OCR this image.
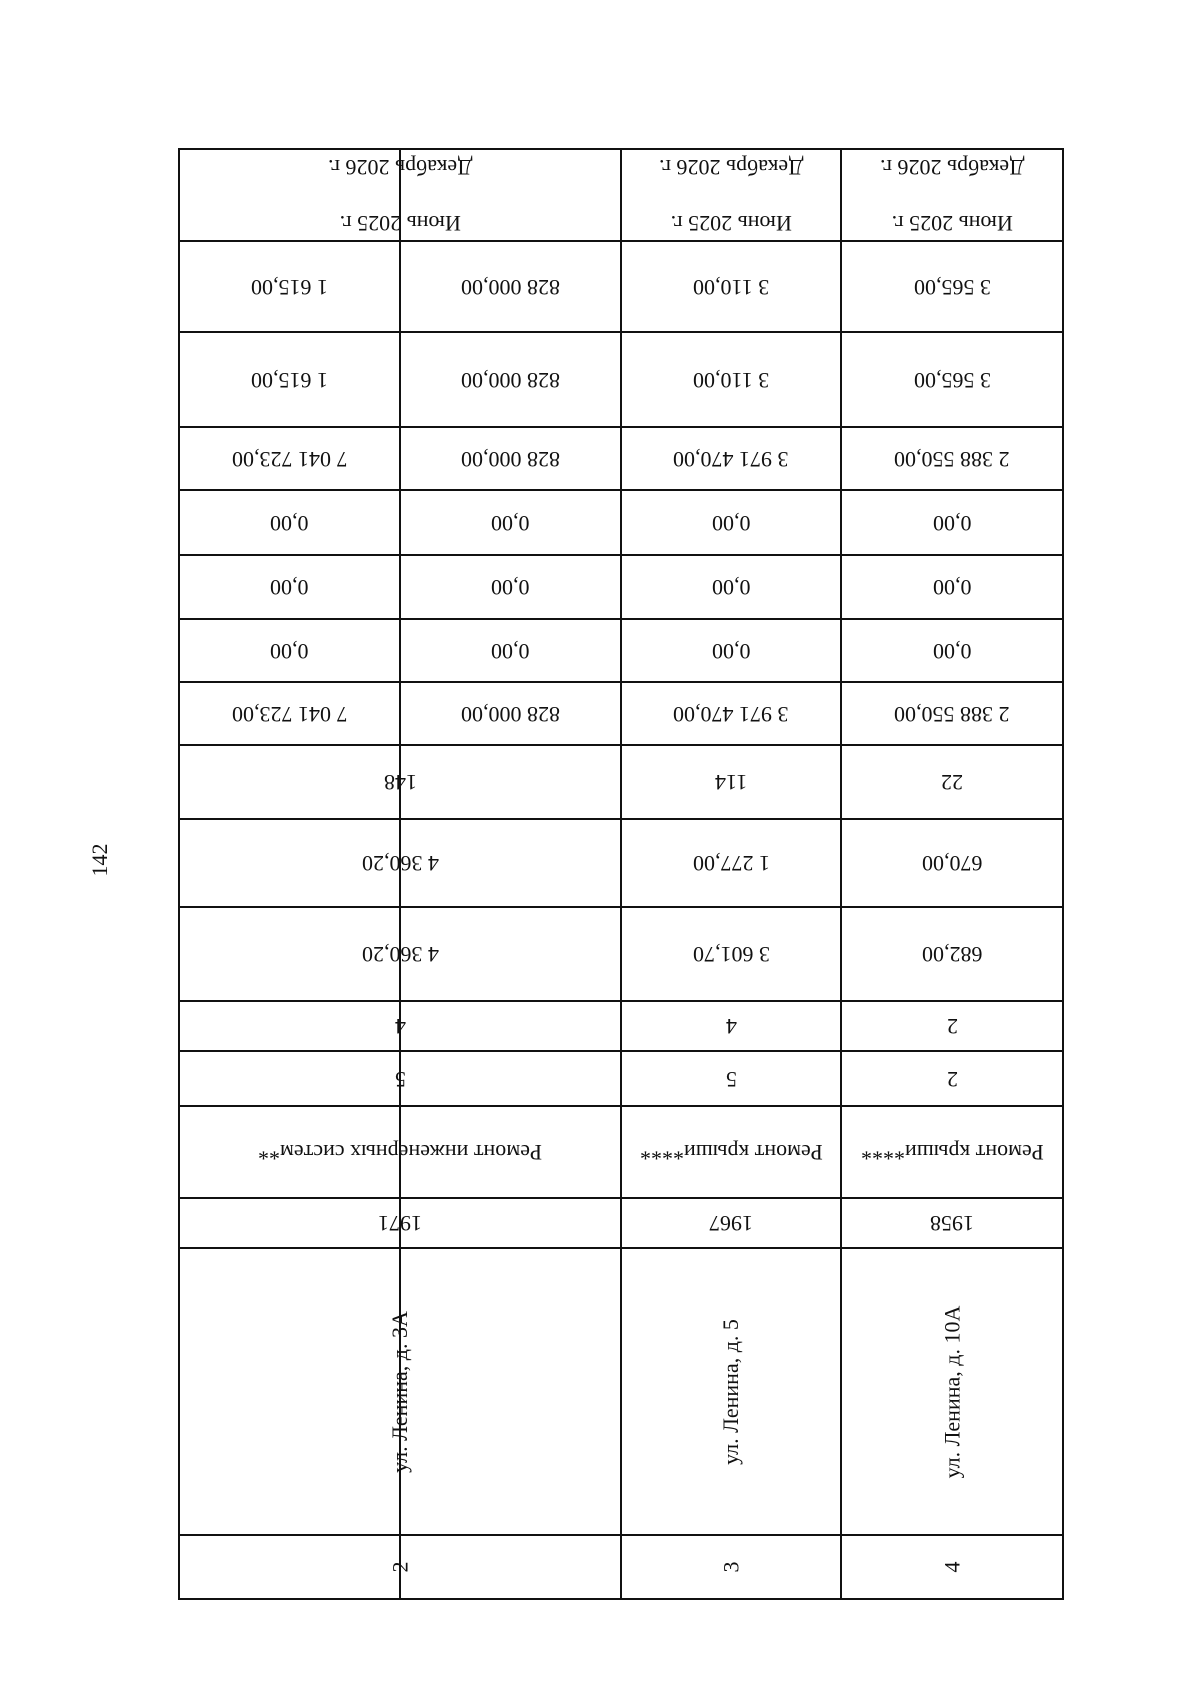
142
Июнь 2025 г.

Декабрь 2026 г.
3 565,00
3 565,00
2 388 550,00
0,00
0,00
0,00
2 388 550,00
22
670,00
682,00
2
2
Ремонт крыши****
1958
ул. Ленина, д. 10А
4
Июнь 2025 г.

Декабрь 2026 г.
3 110,00
3 110,00
3 971 470,00
0,00
0,00
0,00
3 971 470,00
114
1 277,00
3 601,70
4
5
Ремонт крыши****
1967
ул. Ленина, д. 5
3
Июнь 2025 г.

Декабрь 2026 г.
828 000,00
1 615,00
828 000,00
1 615,00
828 000,00
7 041 723,00
0,00
0,00
0,00
0,00
0,00
0,00
828 000,00
7 041 723,00
148
4 360,20
4 360,20
4
5
Ремонт инженерных систем**
1971
ул. Ленина, д. 3А
2
